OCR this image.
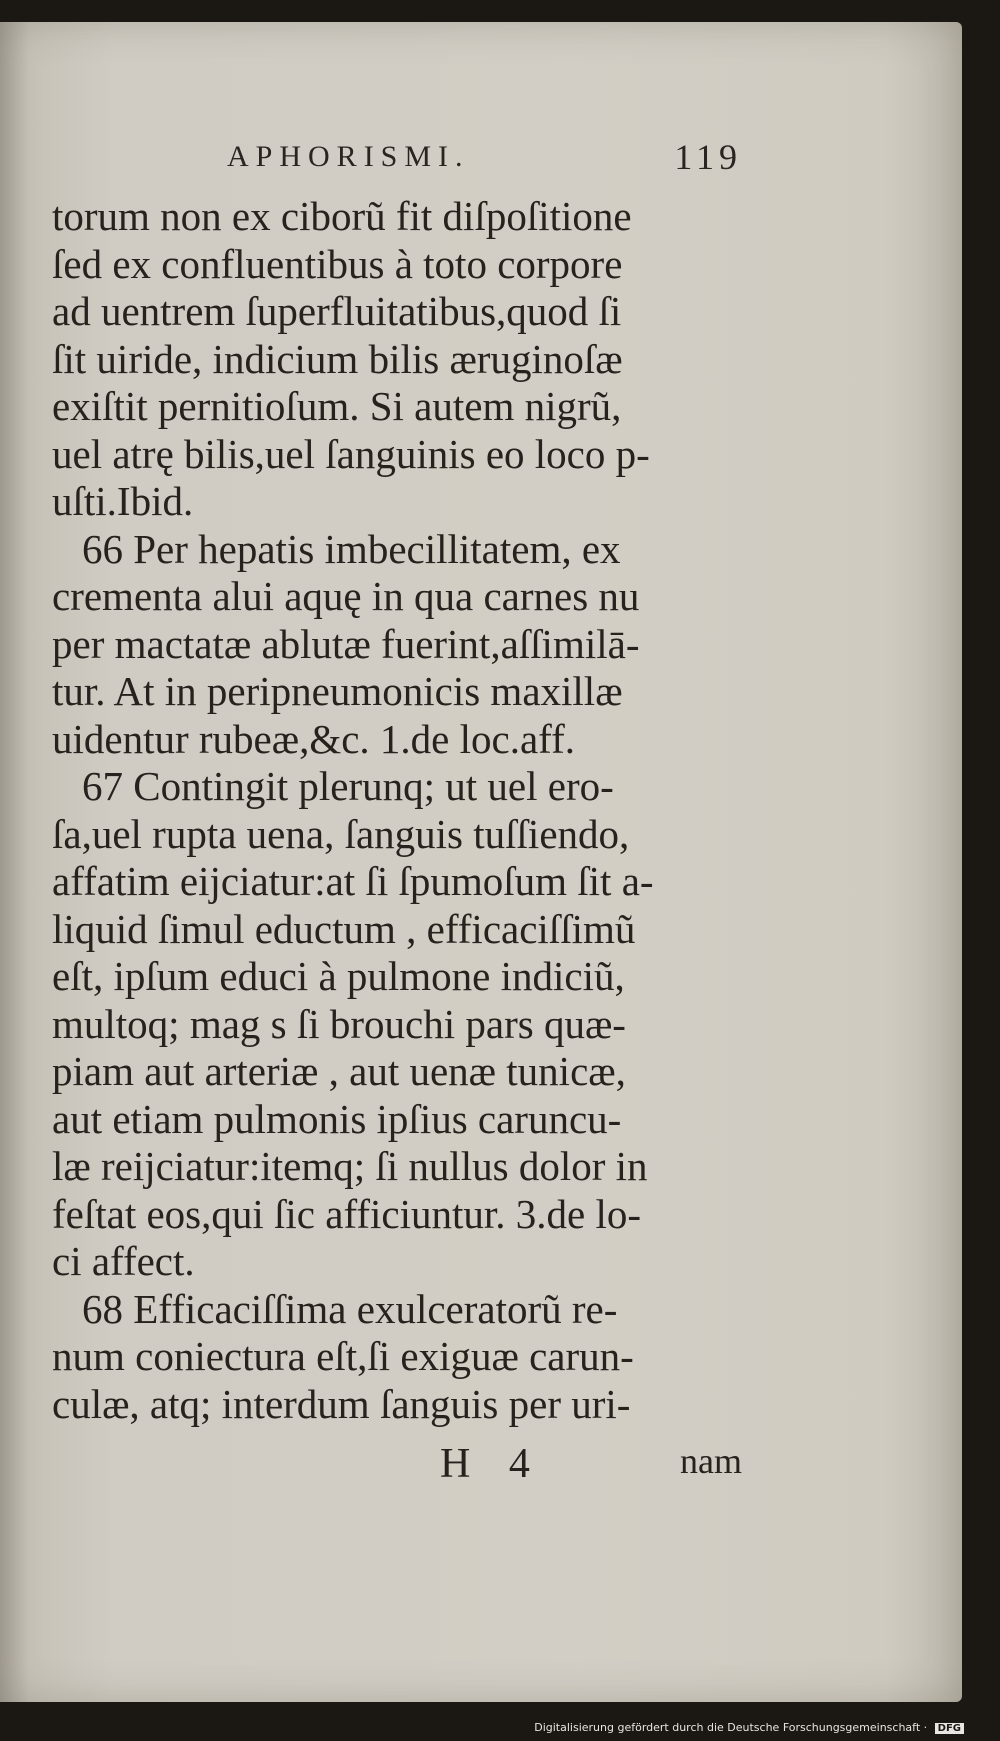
APHORISMI.	119
torum non ex ciborũ fit diſpoſitione
ſed ex confluentibus à toto corpore
ad uentrem ſuperfluitatibus,quod ſi
ſit uiride, indicium bilis æruginoſæ
exiſtit pernitioſum. Si autem nigrũ,
uel atrę bilis,uel ſanguinis eo loco p-
uſti.Ibid.
66 Per hepatis imbecillitatem, ex
crementa alui aquę in qua carnes nu
per mactatæ ablutæ fuerint,aſſimilā-
tur. At in peripneumonicis maxillæ
uidentur rubeæ,&c. 1.de loc.aff.
67 Contingit plerunq; ut uel ero-
ſa,uel rupta uena, ſanguis tuſſiendo,
affatim eijciatur:at ſi ſpumoſum ſit a-
liquid ſimul eductum , efficaciſſimũ
eſt, ipſum educi à pulmone indiciũ,
multoq; mag s ſi brouchi pars quæ-
piam aut arteriæ , aut uenæ tunicæ,
aut etiam pulmonis ipſius caruncu-
læ reijciatur:itemq; ſi nullus dolor in
feſtat eos,qui ſic afficiuntur. 3.de lo-
ci affect.
68 Efficaciſſima exulceratorũ re-
num coniectura eſt,ſi exiguæ carun-
culæ, atq; interdum ſanguis per uri-
H 4	nam
Digitalisierung gefördert durch die Deutsche Forschungsgemeinschaft · DFG
